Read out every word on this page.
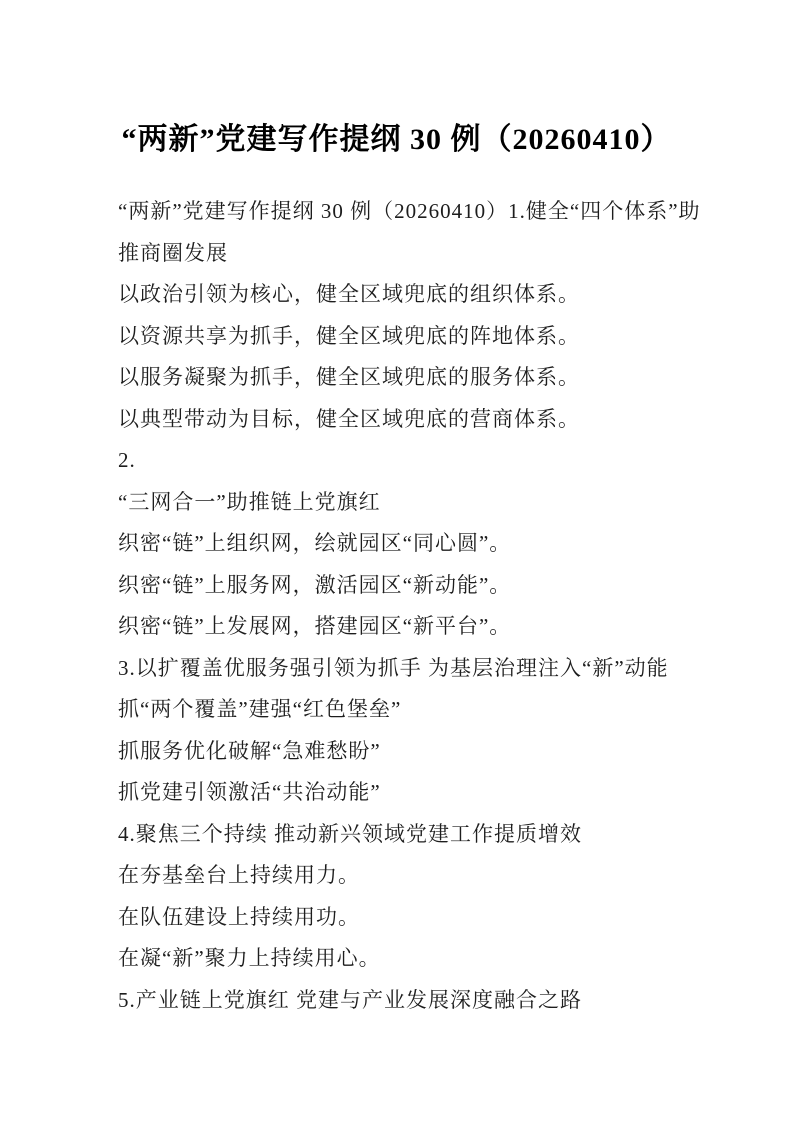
“两新”党建写作提纲 30 例（20260410）

“两新”党建写作提纲 30 例（20260410）1.健全“四个体系”助

推商圈发展

以政治引领为核心，健全区域兜底的组织体系。

以资源共享为抓手，健全区域兜底的阵地体系。

以服务凝聚为抓手，健全区域兜底的服务体系。

以典型带动为目标，健全区域兜底的营商体系。

2.

“三网合一”助推链上党旗红

织密“链”上组织网，绘就园区“同心圆”。

织密“链”上服务网，激活园区“新动能”。

织密“链”上发展网，搭建园区“新平台”。

3.以扩覆盖优服务强引领为抓手 为基层治理注入“新”动能

抓“两个覆盖”建强“红色堡垒”

抓服务优化破解“急难愁盼”

抓党建引领激活“共治动能”

4.聚焦三个持续 推动新兴领域党建工作提质增效

在夯基垒台上持续用力。

在队伍建设上持续用功。

在凝“新”聚力上持续用心。

5.产业链上党旗红 党建与产业发展深度融合之路
